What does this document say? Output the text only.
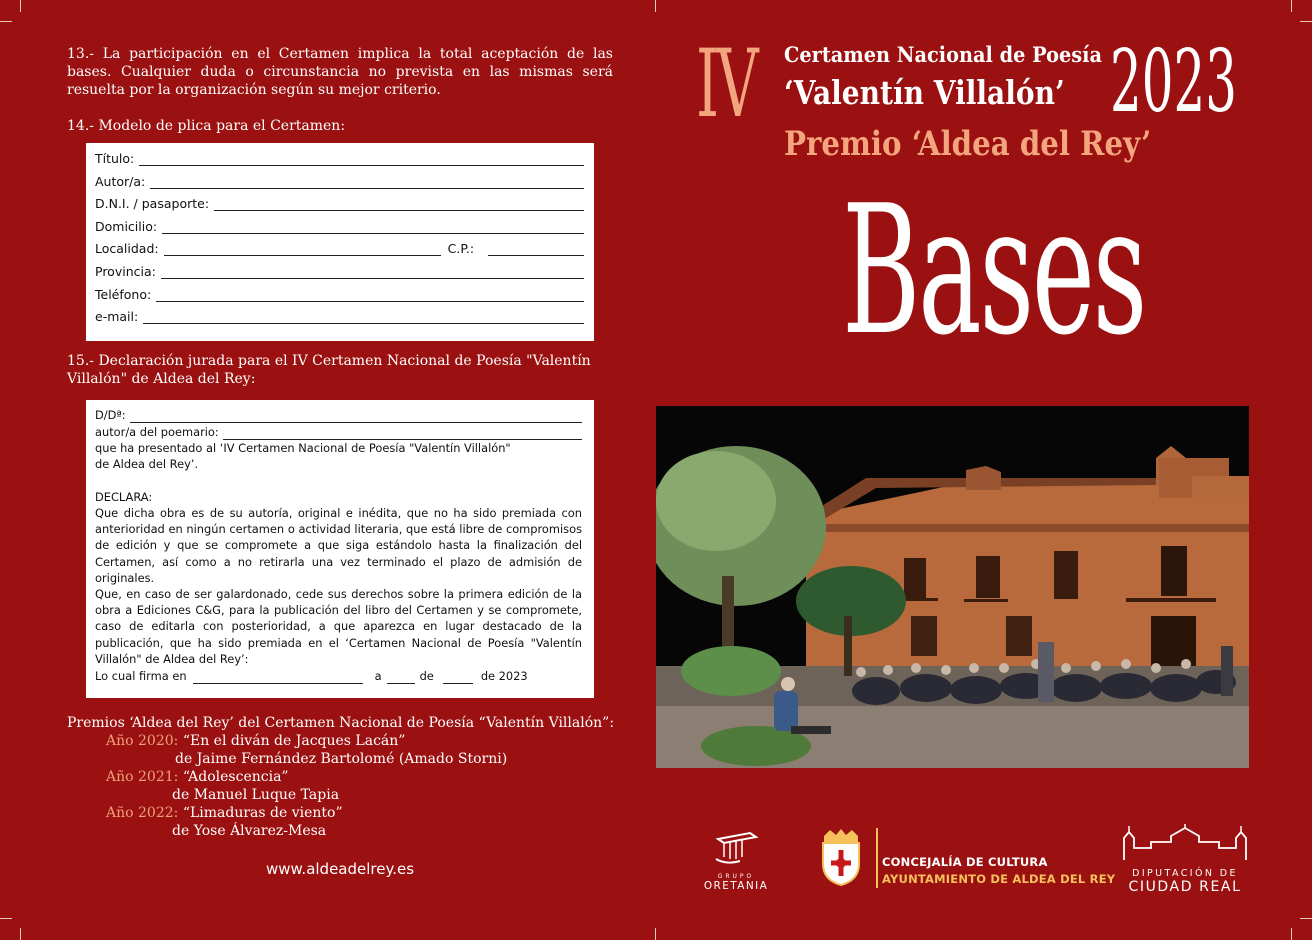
13.- La participación en el Certamen implica la total aceptación de las bases. Cualquier duda o circunstancia no prevista en las mismas será resuelta por la organización según su mejor criterio.
14.- Modelo de plica para el Certamen:
Título:
Autor/a:
D.N.I. / pasaporte:
Domicilio:
Localidad:	C.P.:
Provincia:
Teléfono:
e-mail:
15.- Declaración jurada para el IV Certamen Nacional de Poesía "Valentín Villalón" de Aldea del Rey:
D/Dª:
autor/a del poemario:
que ha presentado al ‘IV Certamen Nacional de Poesía "Valentín Villalón"
de Aldea del Rey’.
DECLARA:
Que dicha obra es de su autoría, original e inédita, que no ha sido premiada con anterioridad en ningún certamen o actividad literaria, que está libre de compromisos de edición y que se compromete a que siga estándolo hasta la finalización del Certamen, así como a no retirarla una vez terminado el plazo de admisión de originales.
Que, en caso de ser galardonado, cede sus derechos sobre la primera edición de la obra a Ediciones C&G, para la publicación del libro del Certamen y se compromete, caso de editarla con posterioridad, a que aparezca en lugar destacado de la publicación, que ha sido premiada en el ‘Certamen Nacional de Poesía "Valentín Villalón" de Aldea del Rey’:
Lo cual firma en	a	de	de 2023
Premios ‘Aldea del Rey’ del Certamen Nacional de Poesía “Valentín Villalón”:
Año 2020: “En el diván de Jacques Lacán”
de Jaime Fernández Bartolomé (Amado Storni)
Año 2021: “Adolescencia”
de Manuel Luque Tapia
Año 2022: “Limaduras de viento”
de Yose Álvarez-Mesa
www.aldeadelrey.es
IV Certamen Nacional de Poesía
‘Valentín Villalón’
Premio ‘Aldea del Rey’
2023
Bases
GRUPO
ORETANIA
CONCEJALÍA DE CULTURA
AYUNTAMIENTO DE ALDEA DEL REY	DIPUTACIÓN DE
CIUDAD REAL
